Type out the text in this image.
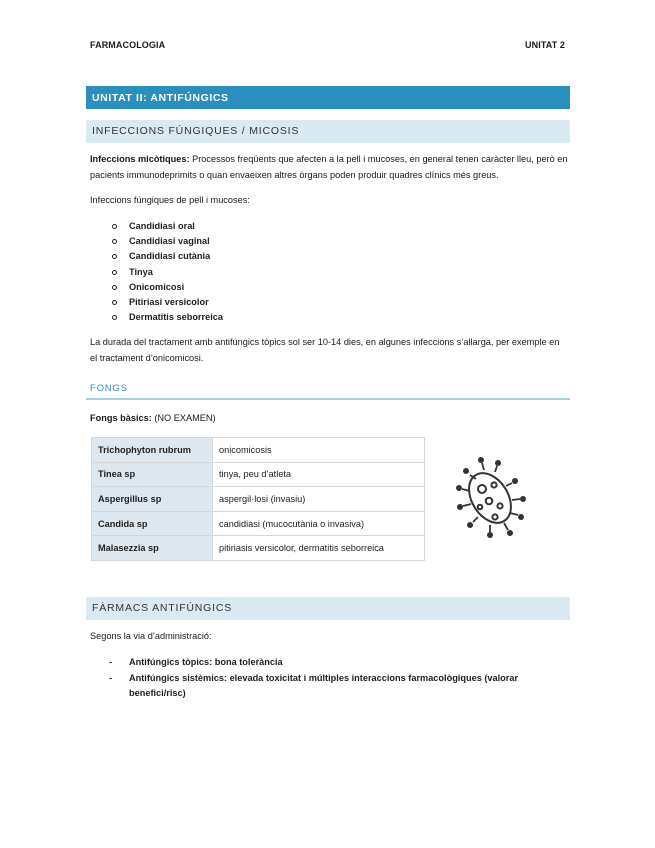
FARMACOLOGIA	UNITAT 2
UNITAT II: ANTIFÚNGICS
INFECCIONS FÚNGIQUES / MICOSIS
Infeccions micòtiques: Processos freqüents que afecten a la pell i mucoses, en general tenen caràcter lleu, però en pacients immunodeprimits o quan envaeixen altres òrgans poden produir quadres clínics més greus.
Infeccions fúngiques de pell i mucoses:
Candidiasi oral
Candidiasi vaginal
Candidiasi cutània
Tinya
Onicomicosi
Pitiriasi versicolor
Dermatitis seborreica
La durada del tractament amb antifúngics tòpics sol ser 10-14 dies, en algunes infeccions s’allarga, per exemple en el tractament d’onicomicosi.
FONGS
Fongs bàsics: (NO EXAMEN)
Trichophyton rubrum	onicomicosis
Tinea sp	tinya, peu d’atleta
Aspergillus sp	aspergil·losi (invasiu)
Candida sp	candidiasi (mucocutània o invasiva)
Malasezzia sp	pitiriasis versicolor, dermatitis seborreica
FÀRMACS ANTIFÚNGICS
Segons la via d’administració:
- Antifúngics tòpics: bona tolerància
- Antifúngics sistèmics: elevada toxicitat i múltiples interaccions farmacològiques (valorar benefici/risc)
